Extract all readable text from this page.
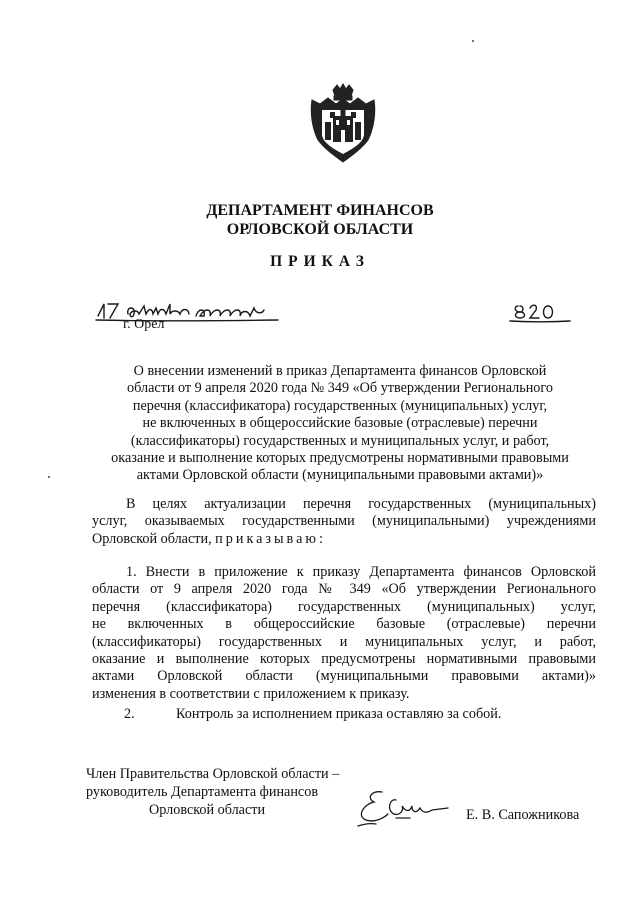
ДЕПАРТАМЕНТ ФИНАНСОВ
ОРЛОВСКОЙ ОБЛАСТИ
ПРИКАЗ
г. Орел
О внесении изменений в приказ Департамента финансов Орловской
области от 9 апреля 2020 года № 349 «Об утверждении Регионального
перечня (классификатора) государственных (муниципальных) услуг,
не включенных в общероссийские базовые (отраслевые) перечни
(классификаторы) государственных и муниципальных услуг, и работ,
оказание и выполнение которых предусмотрены нормативными правовыми
актами Орловской области (муниципальными правовыми актами)»
В целях актуализации перечня государственных (муниципальных)
услуг, оказываемых государственными (муниципальными) учреждениями
Орловской области, приказываю:
1. Внести в приложение к приказу Департамента финансов Орловской
области от 9 апреля 2020 года № 349 «Об утверждении Регионального
перечня (классификатора) государственных (муниципальных) услуг,
не включенных в общероссийские базовые (отраслевые) перечни
(классификаторы) государственных и муниципальных услуг, и работ,
оказание и выполнение которых предусмотрены нормативными правовыми
актами Орловской области (муниципальными правовыми актами)»
изменения в соответствии с приложением к приказу.
2.	Контроль за исполнением приказа оставляю за собой.
Член Правительства Орловской области –
руководитель Департамента финансов
Орловской области	Е. В. Сапожникова
